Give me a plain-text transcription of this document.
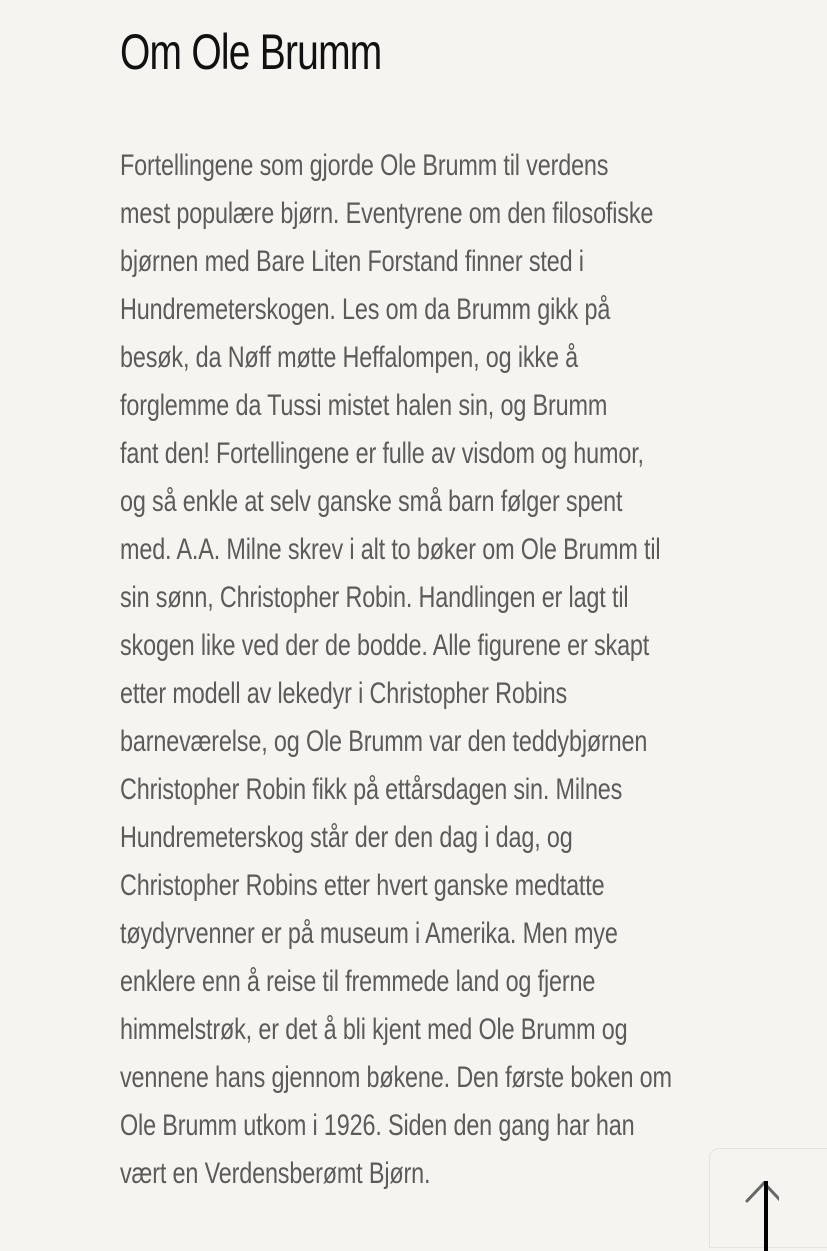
Om Ole Brumm
Fortellingene som gjorde Ole Brumm til verdens
mest populære bjørn. Eventyrene om den filosofiske
bjørnen med Bare Liten Forstand finner sted i
Hundremeterskogen. Les om da Brumm gikk på
besøk, da Nøff møtte Heffalompen, og ikke å
forglemme da Tussi mistet halen sin, og Brumm
fant den! Fortellingene er fulle av visdom og humor,
og så enkle at selv ganske små barn følger spent
med. A.A. Milne skrev i alt to bøker om Ole Brumm til
sin sønn, Christopher Robin. Handlingen er lagt til
skogen like ved der de bodde. Alle figurene er skapt
etter modell av lekedyr i Christopher Robins
barneværelse, og Ole Brumm var den teddybjørnen
Christopher Robin fikk på ettårsdagen sin. Milnes
Hundremeterskog står der den dag i dag, og
Christopher Robins etter hvert ganske medtatte
tøydyrvenner er på museum i Amerika. Men mye
enklere enn å reise til fremmede land og fjerne
himmelstrøk, er det å bli kjent med Ole Brumm og
vennene hans gjennom bøkene. Den første boken om
Ole Brumm utkom i 1926. Siden den gang har han
vært en Verdensberømt Bjørn.
